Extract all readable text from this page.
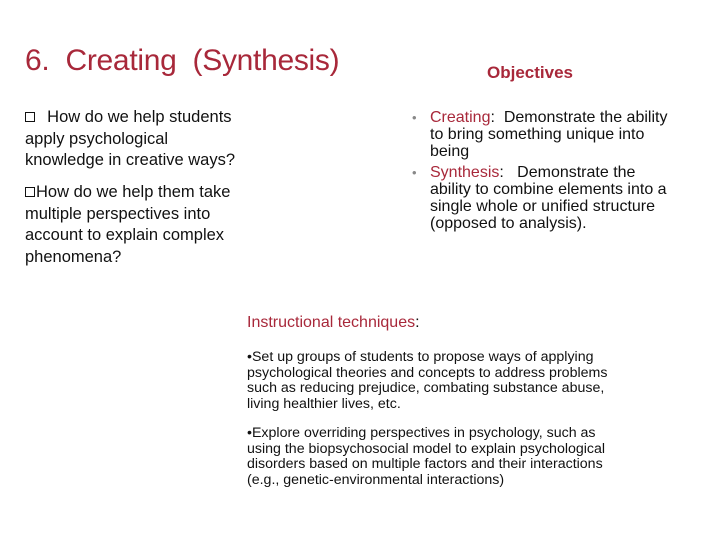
6.  Creating  (Synthesis)
How do we help students
apply psychological
knowledge in creative ways?
How do we help them take
multiple perspectives into
account to explain complex
phenomena?
Objectives
• Creating:  Demonstrate the ability
to bring something unique into
being
• Synthesis:   Demonstrate the
ability to combine elements into a
single whole or unified structure
(opposed to analysis).
Instructional techniques:
•Set up groups of students to propose ways of applying
psychological theories and concepts to address problems
such as reducing prejudice, combating substance abuse,
living healthier lives, etc.
•Explore overriding perspectives in psychology, such as
using the biopsychosocial model to explain psychological
disorders based on multiple factors and their interactions
(e.g., genetic-environmental interactions)
